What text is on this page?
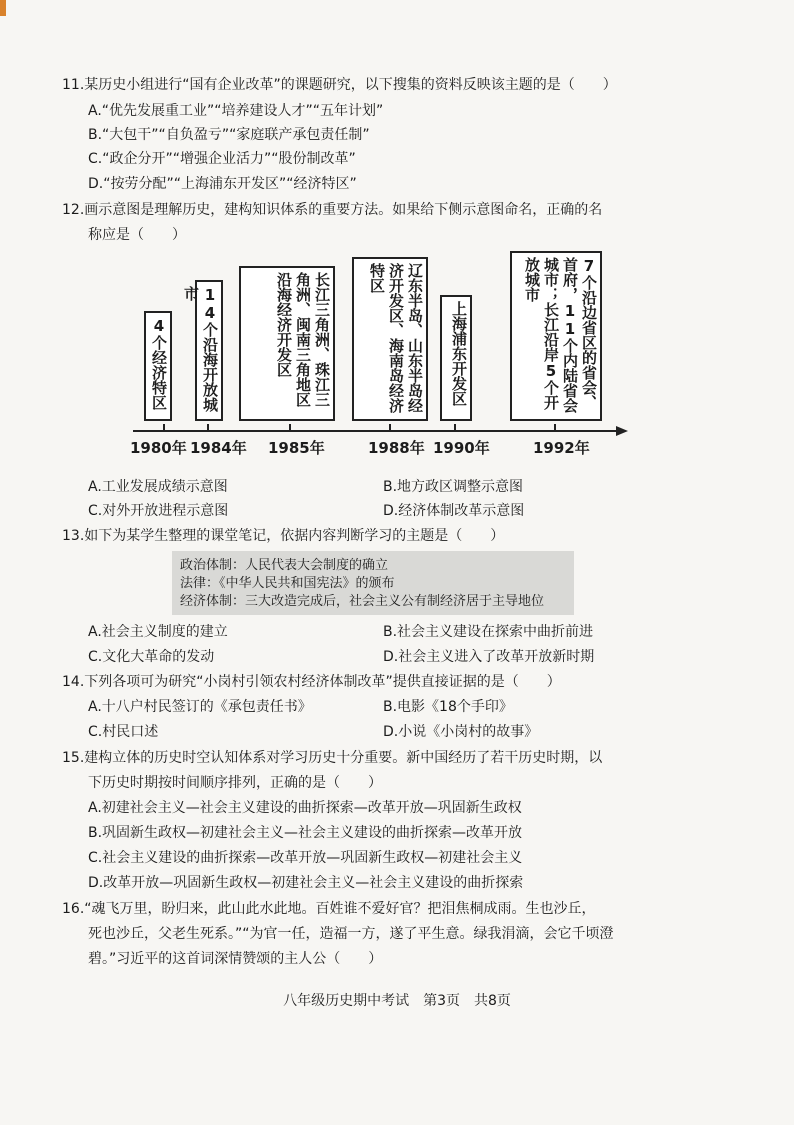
11.某历史小组进行“国有企业改革”的课题研究，以下搜集的资料反映该主题的是（　　）
A.“优先发展重工业”“培养建设人才”“五年计划”
B.“大包干”“自负盈亏”“家庭联产承包责任制”
C.“政企分开”“增强企业活力”“股份制改革”
D.“按劳分配”“上海浦东开发区”“经济特区”
12.画示意图是理解历史，建构知识体系的重要方法。如果给下侧示意图命名，正确的名
称应是（　　）
4个经济特区	14个沿海开放城市	长江三角洲、珠江三角洲、闽南三角地区沿海经济开发区	辽东半岛、山东半岛经济开发区、海南岛经济特区
上海浦东开发区	7个沿边省区的省会、首府，11个内陆省会城市；长江沿岸5个开放城市
1980年 1984年 1985年	1988年 1990年	1992年
A.工业发展成绩示意图	B.地方政区调整示意图
C.对外开放进程示意图	D.经济体制改革示意图
13.如下为某学生整理的课堂笔记，依据内容判断学习的主题是（　　）
政治体制：人民代表大会制度的确立
法律：《中华人民共和国宪法》的颁布
经济体制：三大改造完成后，社会主义公有制经济居于主导地位
A.社会主义制度的建立	B.社会主义建设在探索中曲折前进
C.文化大革命的发动	D.社会主义进入了改革开放新时期
14.下列各项可为研究“小岗村引领农村经济体制改革”提供直接证据的是（　　）
A.十八户村民签订的《承包责任书》	B.电影《18个手印》
C.村民口述	D.小说《小岗村的故事》
15.建构立体的历史时空认知体系对学习历史十分重要。新中国经历了若干历史时期，以
下历史时期按时间顺序排列，正确的是（　　）
A.初建社会主义—社会主义建设的曲折探索—改革开放—巩固新生政权
B.巩固新生政权—初建社会主义—社会主义建设的曲折探索—改革开放
C.社会主义建设的曲折探索—改革开放—巩固新生政权—初建社会主义
D.改革开放—巩固新生政权—初建社会主义—社会主义建设的曲折探索
16.“魂飞万里，盼归来，此山此水此地。百姓谁不爱好官？把泪焦桐成雨。生也沙丘，
死也沙丘，父老生死系。”“为官一任，造福一方，遂了平生意。绿我涓滴，会它千顷澄
碧。”习近平的这首词深情赞颂的主人公（　　）
八年级历史期中考试　第3页　共8页
